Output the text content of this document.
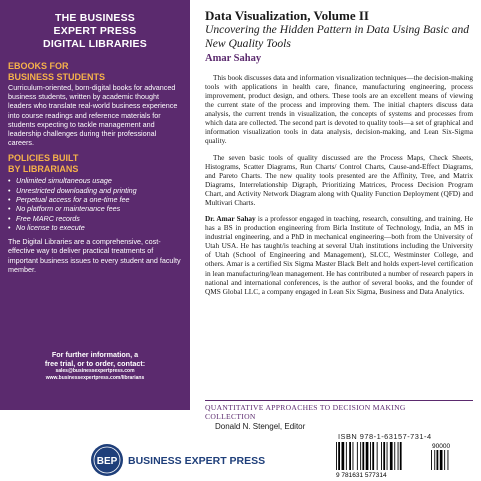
THE BUSINESS
EXPERT PRESS
DIGITAL LIBRARIES
EBOOKS FOR
BUSINESS STUDENTS
Curriculum-oriented, born-digital books for advanced business students, written by academic thought leaders who translate real-world business experience into course readings and reference materials for students expecting to tackle management and leadership challenges during their professional careers.
POLICIES BUILT
BY LIBRARIANS
• Unlimited simultaneous usage
• Unrestricted downloading and printing
• Perpetual access for a one-time fee
• No platform or maintenance fees
• Free MARC records
• No license to execute
The Digital Libraries are a comprehensive, cost-effective way to deliver practical treatments of important business issues to every student and faculty member.
For further information, a
free trial, or to order, contact:
sales@businessexpertpress.com
www.businessexpertpress.com/librarians
Data Visualization, Volume II
Uncovering the Hidden Pattern in Data Using Basic and New Quality Tools
Amar Sahay

This book discusses data and information visualization techniques—the decision-making tools with applications in health care, finance, manufacturing engineering, process improvement, product design, and others. These tools are an excellent means of viewing the current state of the process and improving them. The initial chapters discuss data analysis, the current trends in visualization, the concepts of systems and processes from which data are collected. The second part is devoted to quality tools—a set of graphical and information visualization tools in data analysis, decision-making, and Lean Six-Sigma quality.

The seven basic tools of quality discussed are the Process Maps, Check Sheets, Histograms, Scatter Diagrams, Run Charts/ Control Charts, Cause-and-Effect Diagrams, and Pareto Charts. The new quality tools presented are the Affinity, Tree, and Matrix Diagrams, Interrelationship Digraph, Prioritizing Matrices, Process Decision Program Chart, and Activity Network Diagram along with Quality Function Deployment (QFD) and Multivari Charts.

Dr. Amar Sahay is a professor engaged in teaching, research, consulting, and training. He has a BS in production engineering from Birla Institute of Technology, India, an MS in industrial engineering, and a PhD in mechanical engineering—both from the University of Utah USA. He has taught/is teaching at several Utah institutions including the University of Utah (School of Engineering and Management), SLCC, Westminster College, and others. Amar is a certified Six Sigma Master Black Belt and holds expert-level certification in lean manufacturing/lean management. He has contributed a number of research papers in national and international conferences, is the author of several books, and the founder of QMS Global LLC, a company engaged in Lean Six Sigma, Business and Data Analytics.

QUANTITATIVE APPROACHES TO DECISION MAKING
COLLECTION
Donald N. Stengel, Editor
ISBN 978-1-63157-731-4
9 781631 577314
90000
BEP BUSINESS EXPERT PRESS
